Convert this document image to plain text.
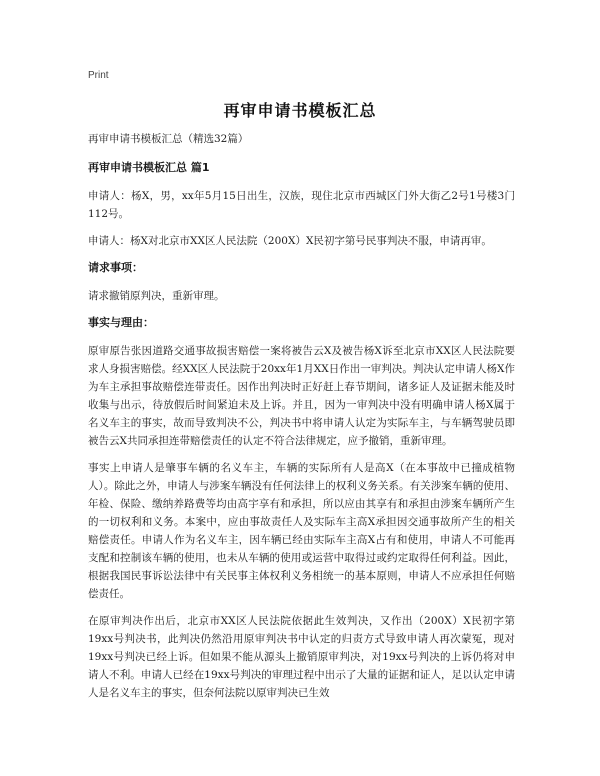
Print
再审申请书模板汇总

再审申请书模板汇总（精选32篇）

再审申请书模板汇总 篇1

申请人：杨X，男，xx年5月15日出生，汉族，现住北京市西城区门外大街乙2号1号楼3门112号。

申请人：杨X对北京市XX区人民法院（200X）X民初字第号民事判决不服，申请再审。

请求事项：

请求撤销原判决，重新审理。

事实与理由：

原审原告张因道路交通事故损害赔偿一案将被告云X及被告杨X诉至北京市XX区人民法院要求人身损害赔偿。经XX区人民法院于20xx年1月XX日作出一审判决。判决认定申请人杨X作为车主承担事故赔偿连带责任。因作出判决时正好赶上春节期间，诸多证人及证据未能及时收集与出示，待放假后时间紧迫未及上诉。并且，因为一审判决中没有明确申请人杨X属于名义车主的事实，故而导致判决不公，判决书中将申请人认定为实际车主，与车辆驾驶员即被告云X共同承担连带赔偿责任的认定不符合法律规定，应予撤销，重新审理。

事实上申请人是肇事车辆的名义车主，车辆的实际所有人是高X（在本事故中已撞成植物人）。除此之外，申请人与涉案车辆没有任何法律上的权利义务关系。有关涉案车辆的使用、年检、保险、缴纳养路费等均由高宇享有和承担，所以应由其享有和承担由涉案车辆所产生的一切权利和义务。本案中，应由事故责任人及实际车主高X承担因交通事故所产生的相关赔偿责任。申请人作为名义车主，因车辆已经由实际车主高X占有和使用，申请人不可能再支配和控制该车辆的使用，也未从车辆的使用或运营中取得过或约定取得任何利益。因此，根据我国民事诉讼法律中有关民事主体权利义务相统一的基本原则，申请人不应承担任何赔偿责任。

在原审判决作出后，北京市XX区人民法院依据此生效判决，又作出（200X）X民初字第19xx号判决书，此判决仍然沿用原审判决书中认定的归责方式导致申请人再次蒙冤，现对19xx号判决已经上诉。但如果不能从源头上撤销原审判决，对19xx号判决的上诉仍将对申请人不利。申请人已经在19xx号判决的审理过程中出示了大量的证据和证人，足以认定申请人是名义车主的事实，但奈何法院以原审判决已生效
